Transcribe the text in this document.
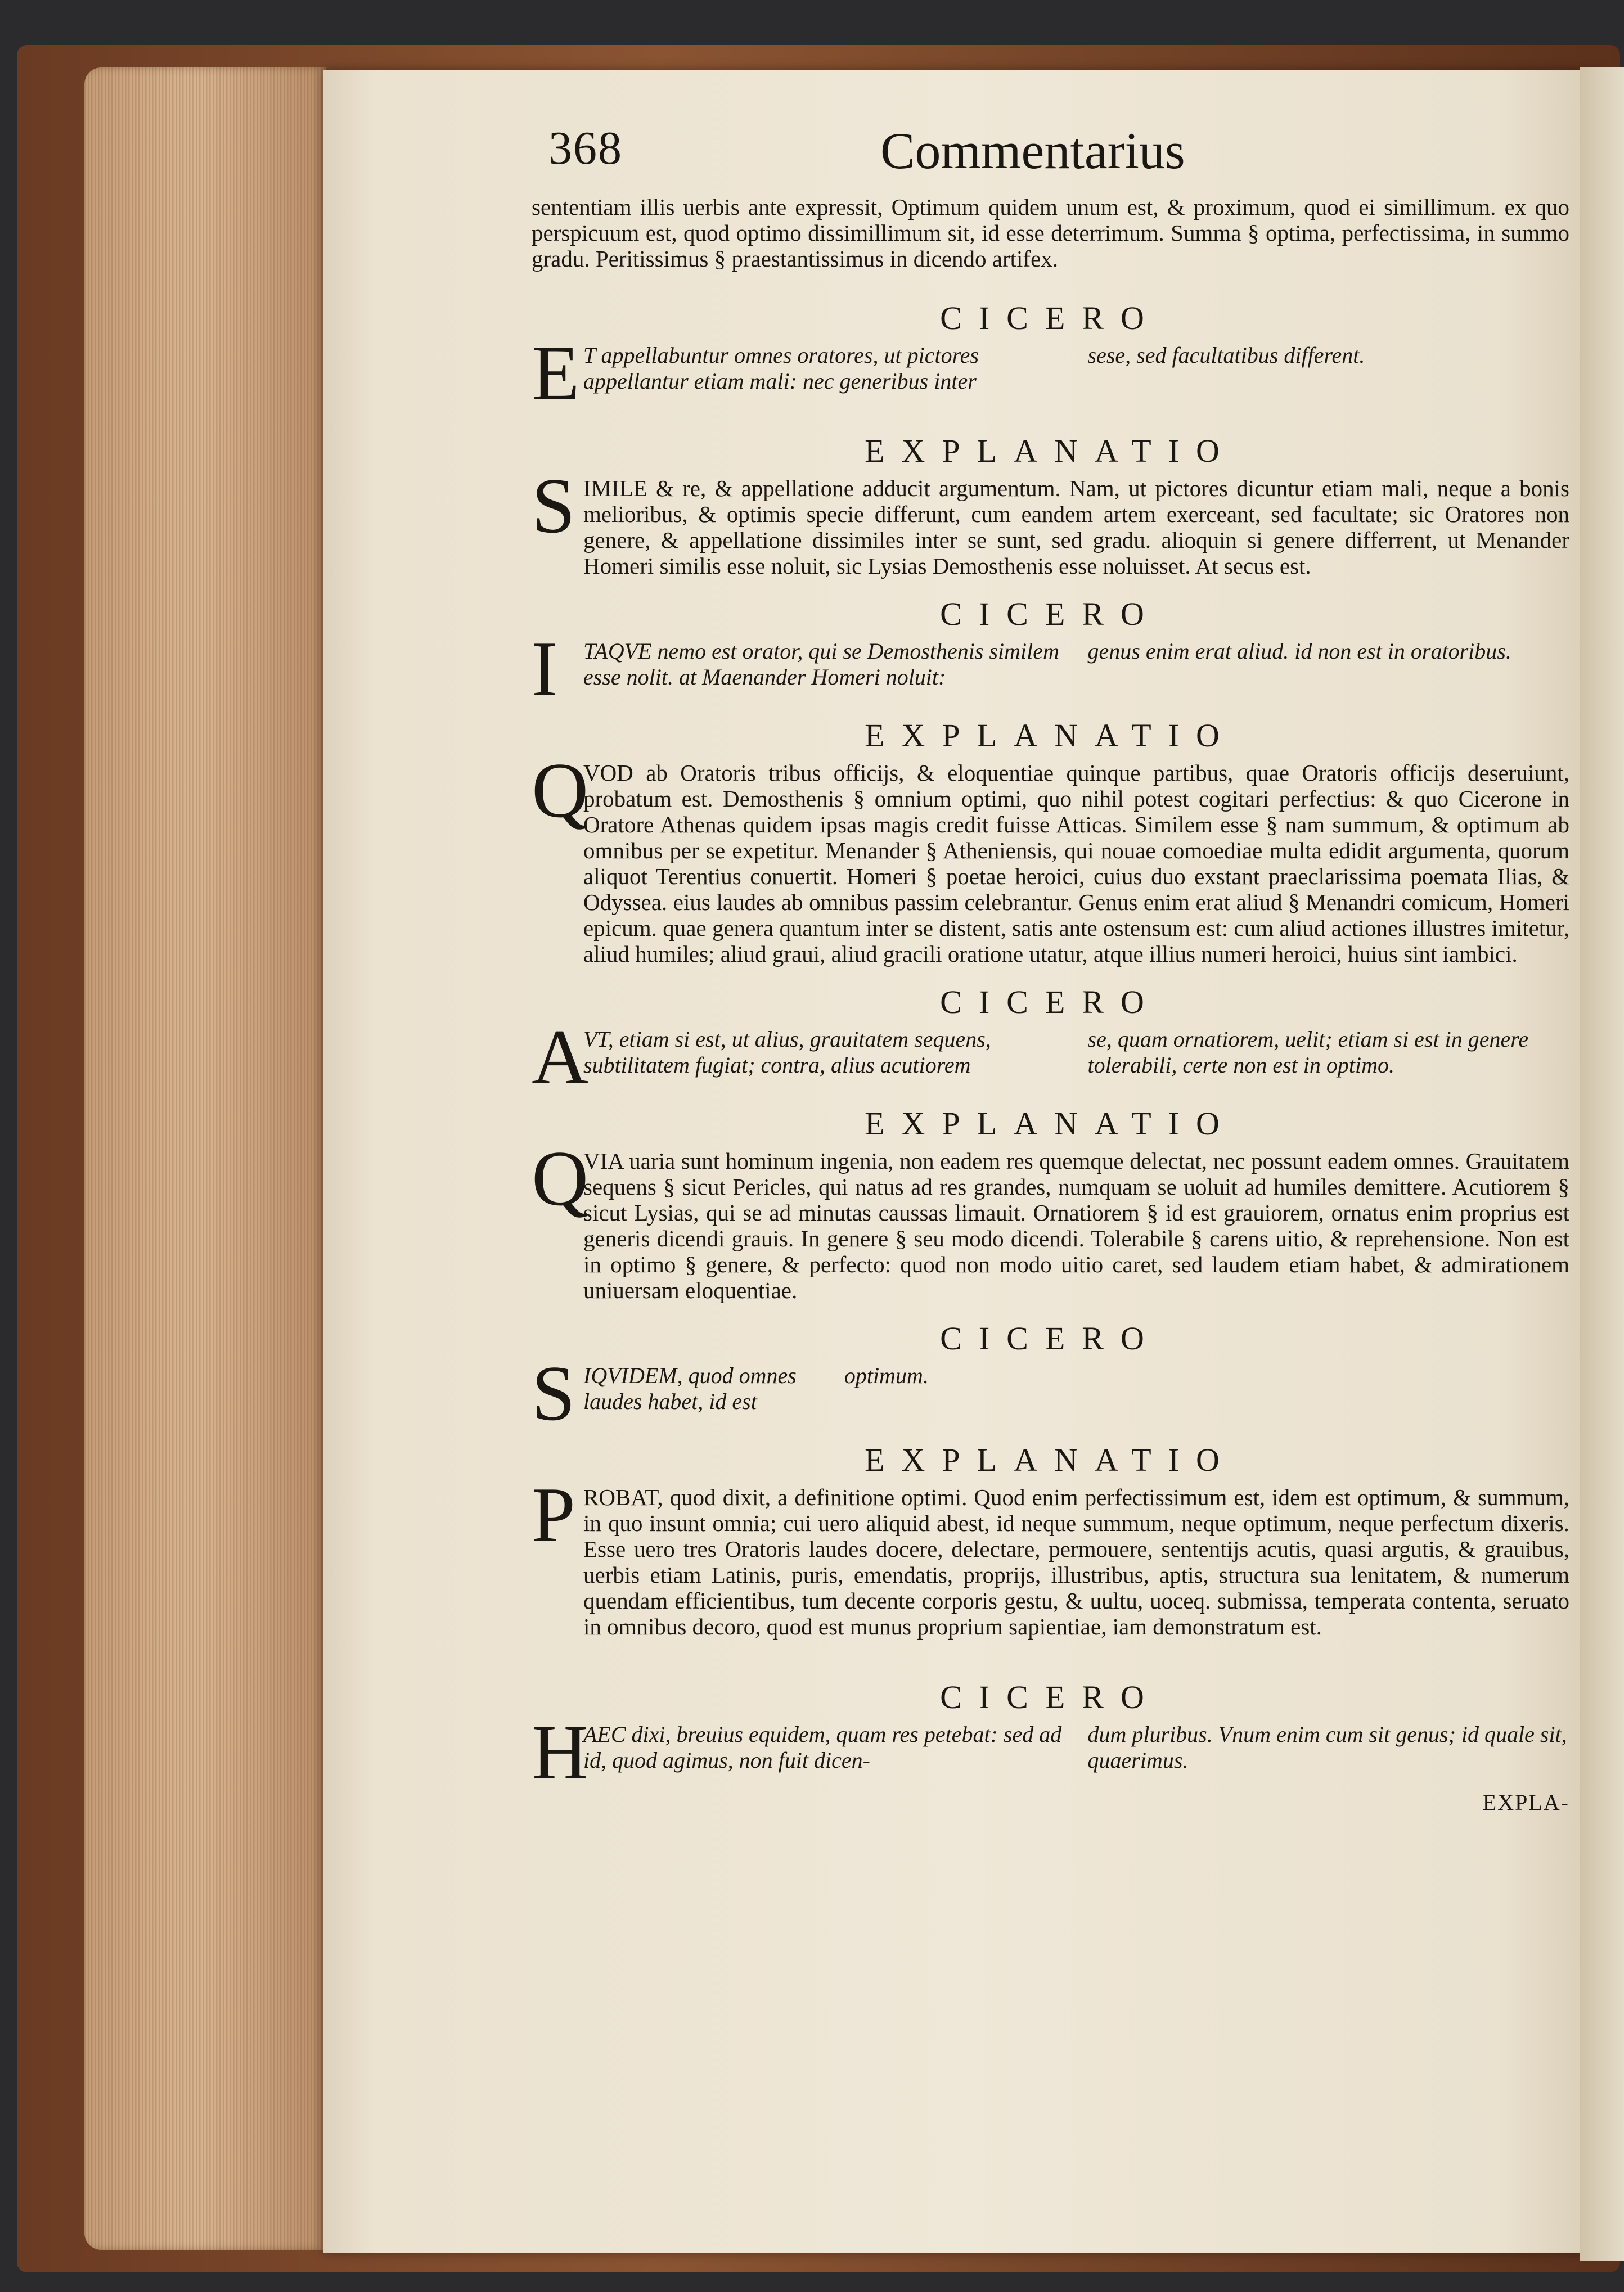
368	Commentarius

sententiam illis uerbis ante expressit, Optimum quidem unum est, & proximum, quod ei simillimum. ex quo perspicuum est, quod optimo dissimillimum sit, id esse deterrimum. Summa § optima, perfectissima, in summo gradu. Peritissimus § praestantissimus in dicendo artifex.

CICERO
E T appellabuntur omnes oratores, ut pictores appellantur etiam mali: nec generibus inter
sese, sed facultatibus different.
EXPLANATIO
S IMILE & re, & appellatione adducit argumentum. Nam, ut pictores dicuntur etiam mali, neque a bonis melioribus, & optimis specie differunt, cum eandem artem exerceant, sed facultate; sic Oratores non genere, & appellatione dissimiles inter se sunt, sed gradu. alioquin si genere differrent, ut Menander Homeri similis esse noluit, sic Lysias Demosthenis esse noluisset. At secus est.

CICERO
I	TAQVE nemo est orator, qui se Demosthenis similem esse nolit. at Maenander Homeri noluit:
genus enim erat aliud. id non est in oratoribus.
EXPLANATIO
Q

VOD ab Oratoris tribus officijs, & eloquentiae quinque partibus, quae Oratoris officijs deseruiunt, probatum est. Demosthenis § omnium optimi, quo nihil potest cogitari perfectius: & quo Cicerone in Oratore Athenas quidem ipsas magis credit fuisse Atticas. Similem esse § nam summum, & optimum ab omnibus per se expetitur. Menander § Atheniensis, qui nouae comoediae multa edidit argumenta, quorum aliquot Terentius conuertit. Homeri § poetae heroici, cuius duo exstant praeclarissima poemata Ilias, & Odyssea. eius laudes ab omnibus passim celebrantur. Genus enim erat aliud § Menandri comicum, Homeri epicum. quae genera quantum inter se distent, satis ante ostensum est: cum aliud actiones illustres imitetur, aliud humiles; aliud graui, aliud gracili oratione utatur, atque illius numeri heroici, huius sint iambici.

CICERO
A
VT, etiam si est, ut alius, grauitatem sequens, subtilitatem fugiat; contra, alius acutiorem
se, quam ornatiorem, uelit; etiam si est in genere tolerabili, certe non est in optimo.
EXPLANATIO
Q

VIA uaria sunt hominum ingenia, non eadem res quemque delectat, nec possunt eadem omnes. Grauitatem sequens § sicut Pericles, qui natus ad res grandes, numquam se uoluit ad humiles demittere. Acutiorem § sicut Lysias, qui se ad minutas caussas limauit. Ornatiorem § id est grauiorem, ornatus enim proprius est generis dicendi grauis. In genere § seu modo dicendi. Tolerabile § carens uitio, & reprehensione. Non est in optimo § genere, & perfecto: quod non modo uitio caret, sed laudem etiam habet, & admirationem uniuersam eloquentiae.

CICERO
S IQVIDEM, quod omnes laudes habet, id est
optimum.
EXPLANATIO
P ROBAT, quod dixit, a definitione optimi. Quod enim perfectissimum est, idem est optimum, & summum, in quo insunt omnia; cui uero aliquid abest, id neque summum, neque optimum, neque perfectum dixeris. Esse uero tres Oratoris laudes docere, delectare, permouere, sententijs acutis, quasi argutis, & grauibus, uerbis etiam Latinis, puris, emendatis, proprijs, illustribus, aptis, structura sua lenitatem, & numerum quendam efficientibus, tum decente corporis gestu, & uultu, uoceq. submissa, temperata contenta, seruato in omnibus decoro, quod est munus proprium sapientiae, iam demonstratum est.

CICERO
H
AEC dixi, breuius equidem, quam res petebat: sed ad id, quod agimus, non fuit dicen-
dum pluribus. Vnum enim cum sit genus; id quale sit, quaerimus.
EXPLA-
